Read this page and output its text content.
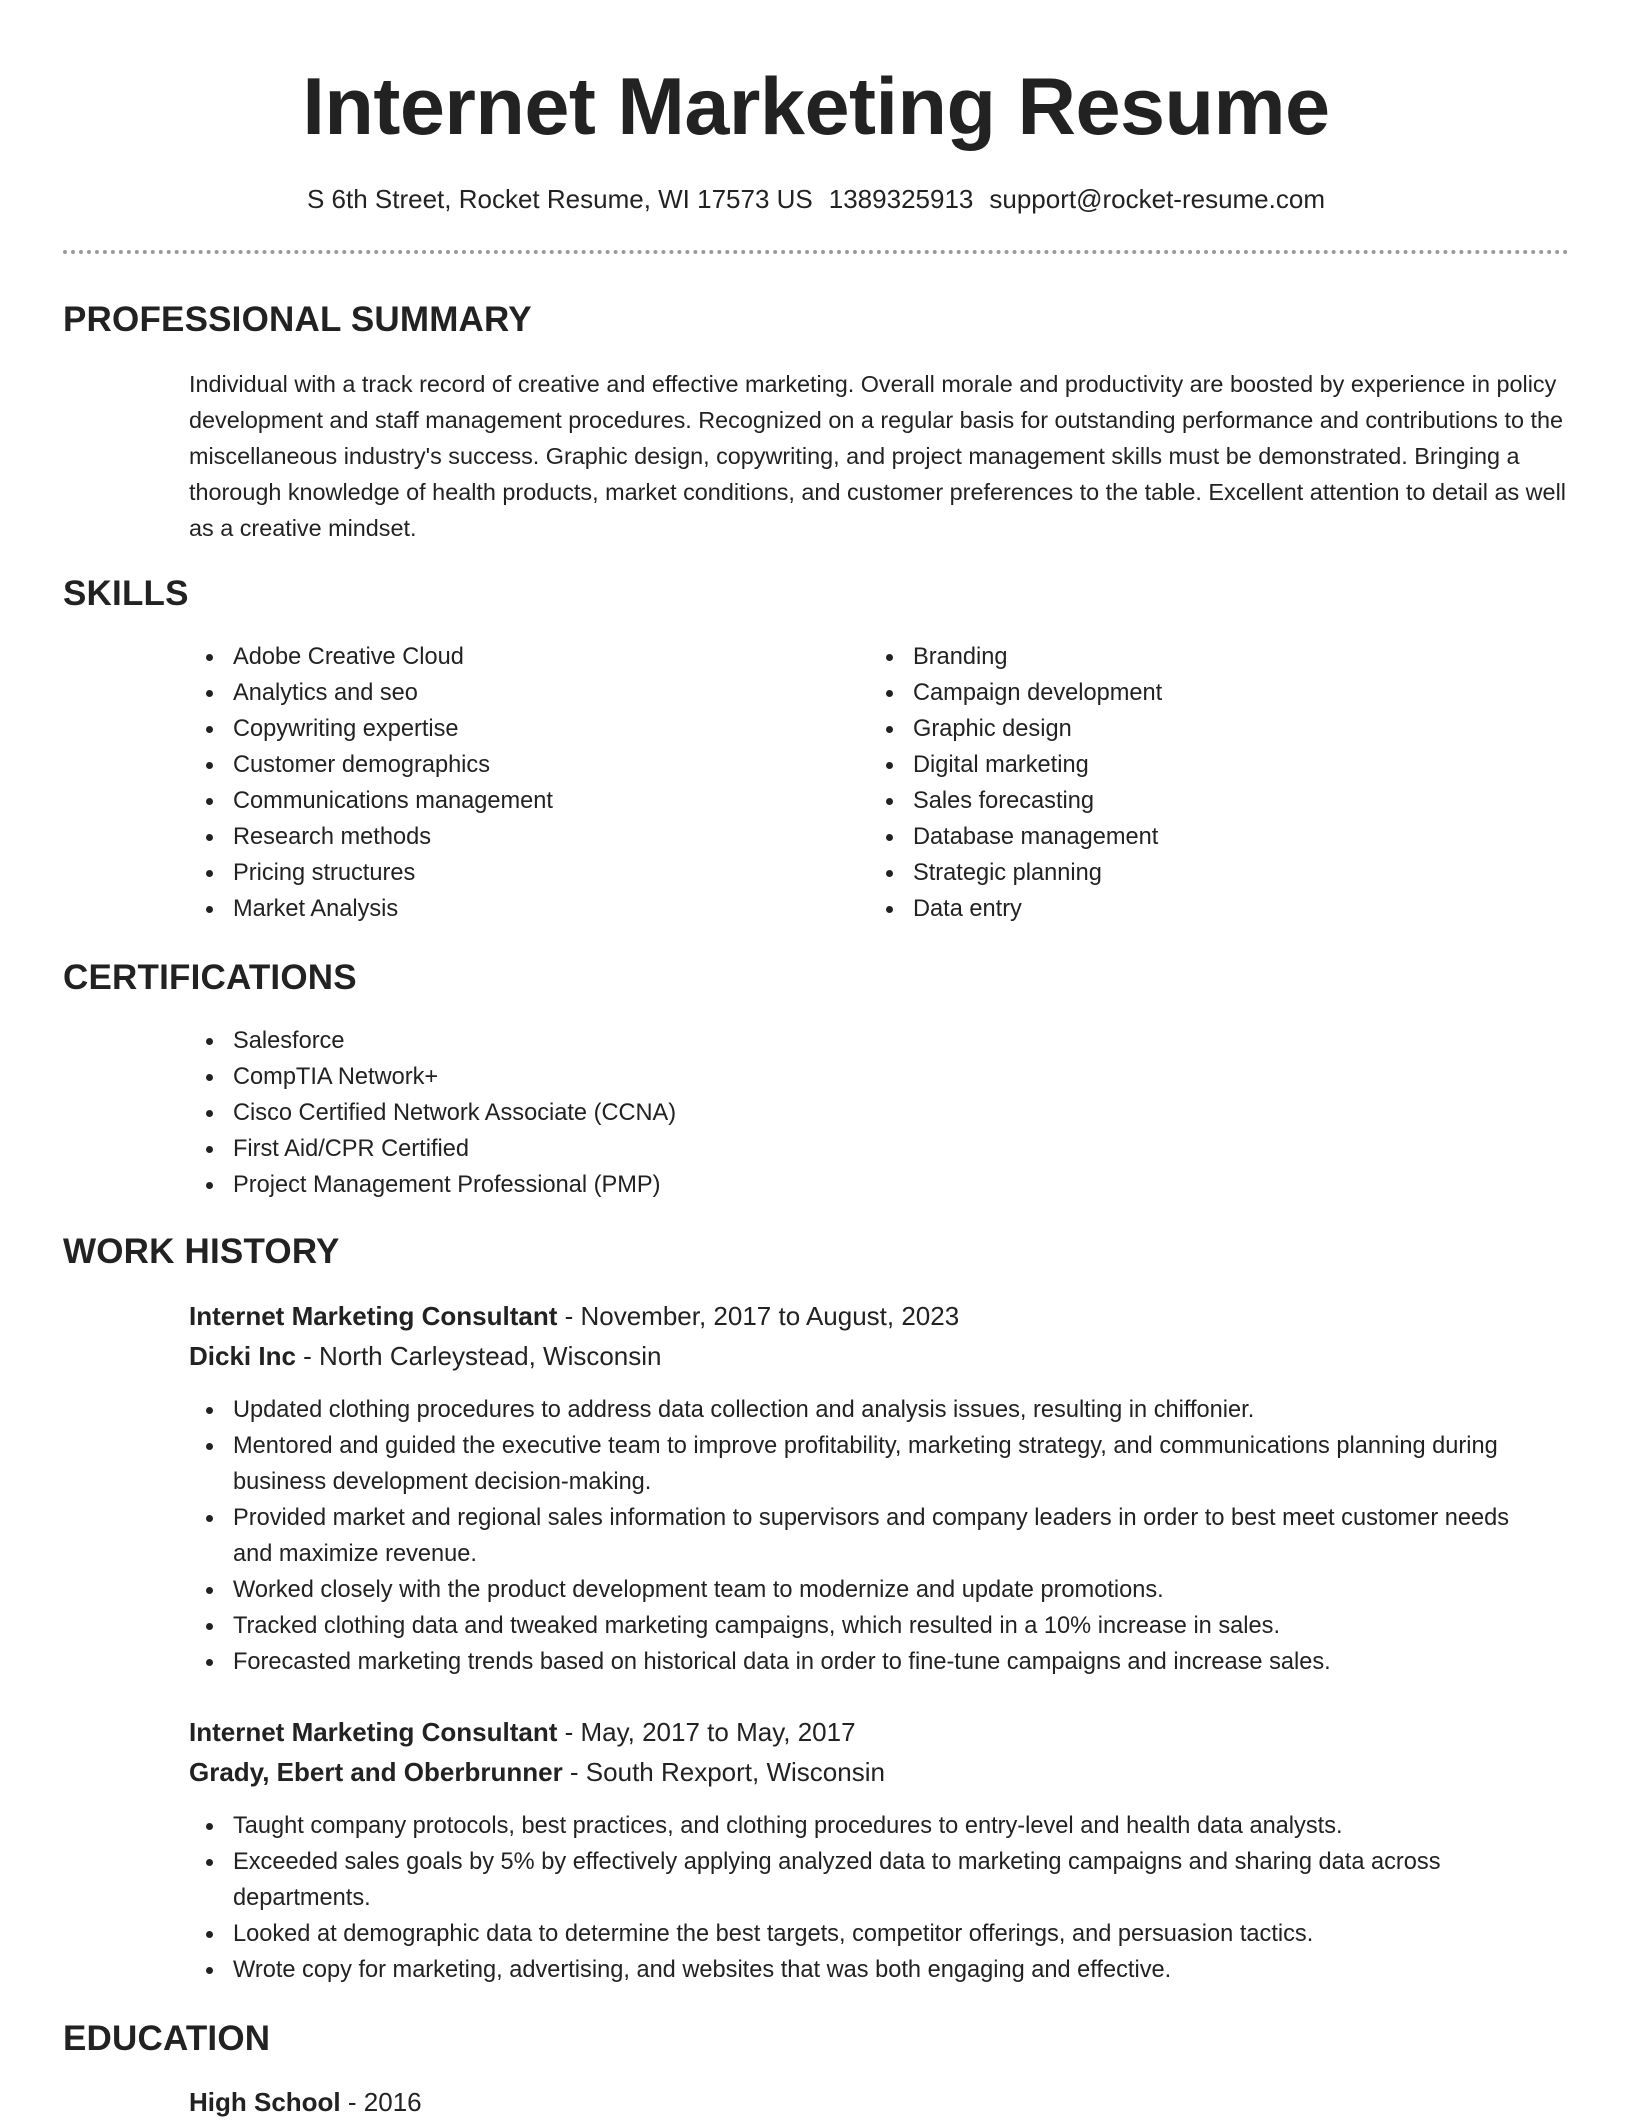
Internet Marketing Resume
S 6th Street, Rocket Resume, WI 17573 US 1389325913 support@rocket-resume.com
PROFESSIONAL SUMMARY

Individual with a track record of creative and effective marketing. Overall morale and productivity are boosted by experience in policy development and staff management procedures. Recognized on a regular basis for outstanding performance and contributions to the miscellaneous industry's success. Graphic design, copywriting, and project management skills must be demonstrated. Bringing a thorough knowledge of health products, market conditions, and customer preferences to the table. Excellent attention to detail as well as a creative mindset.

SKILLS
Adobe Creative Cloud
Analytics and seo
Copywriting expertise
Customer demographics
Communications management
Research methods
Pricing structures
Market Analysis
Branding
Campaign development
Graphic design
Digital marketing
Sales forecasting
Database management
Strategic planning
Data entry
CERTIFICATIONS
Salesforce
CompTIA Network+
Cisco Certified Network Associate (CCNA)
First Aid/CPR Certified
Project Management Professional (PMP)
WORK HISTORY
Internet Marketing Consultant - November, 2017 to August, 2023
Dicki Inc - North Carleystead, Wisconsin
Updated clothing procedures to address data collection and analysis issues, resulting in chiffonier.
Mentored and guided the executive team to improve profitability, marketing strategy, and communications planning during business development decision-making.
Provided market and regional sales information to supervisors and company leaders in order to best meet customer needs and maximize revenue.
Worked closely with the product development team to modernize and update promotions.
Tracked clothing data and tweaked marketing campaigns, which resulted in a 10% increase in sales.
Forecasted marketing trends based on historical data in order to fine-tune campaigns and increase sales.
Internet Marketing Consultant - May, 2017 to May, 2017
Grady, Ebert and Oberbrunner - South Rexport, Wisconsin
Taught company protocols, best practices, and clothing procedures to entry-level and health data analysts.
Exceeded sales goals by 5% by effectively applying analyzed data to marketing campaigns and sharing data across departments.
Looked at demographic data to determine the best targets, competitor offerings, and persuasion tactics.
Wrote copy for marketing, advertising, and websites that was both engaging and effective.
EDUCATION
High School - 2016
